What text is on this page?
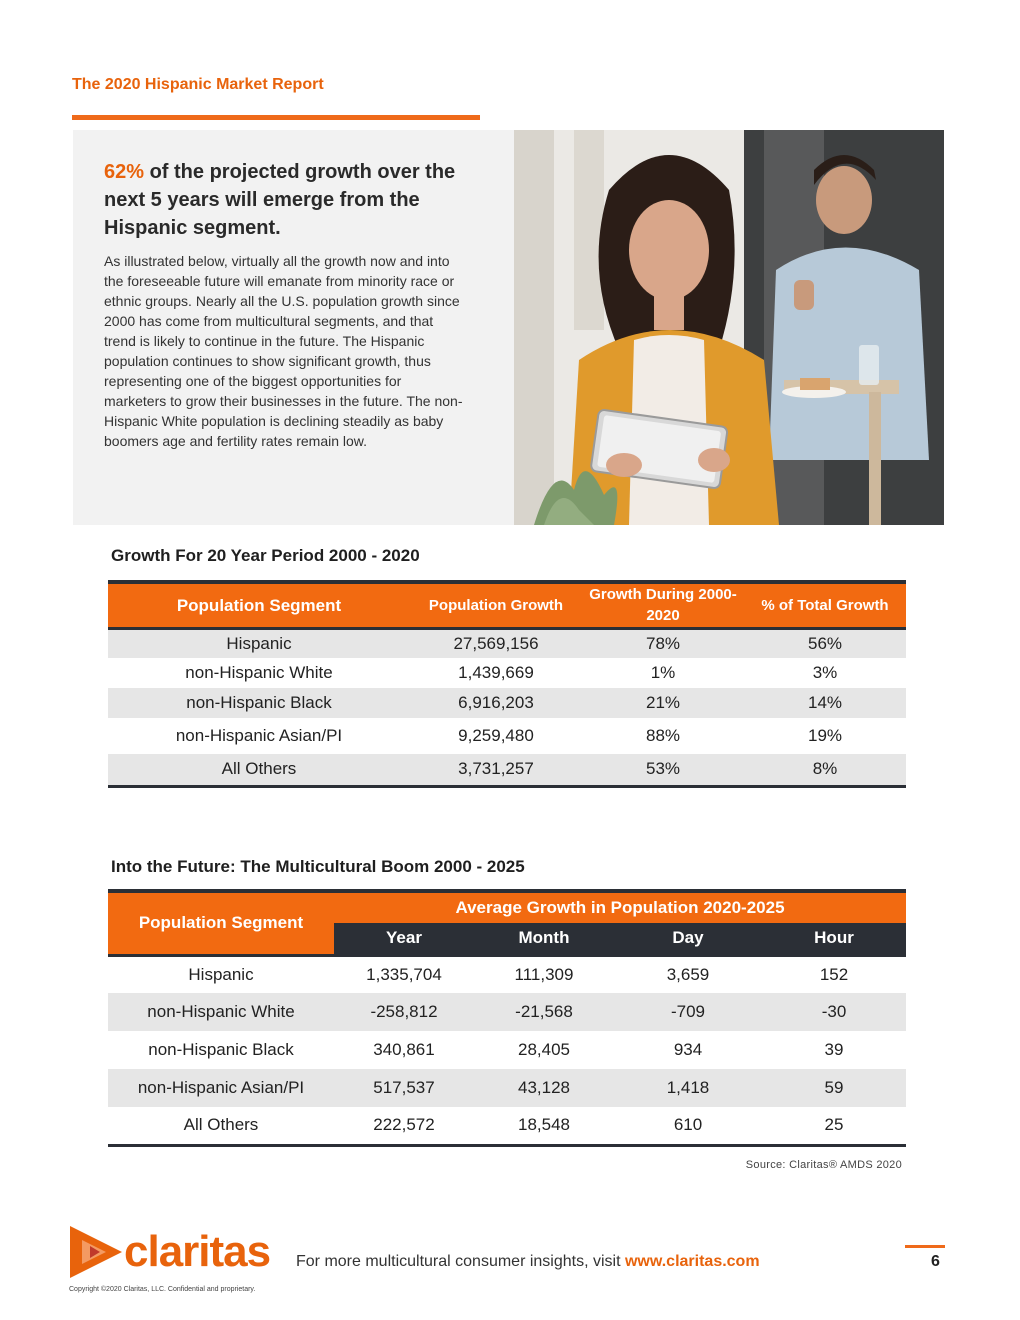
The 2020 Hispanic Market Report
62% of the projected growth over the next 5 years will emerge from the Hispanic segment.
As illustrated below, virtually all the growth now and into the foreseeable future will emanate from minority race or ethnic groups. Nearly all the U.S. population growth since 2000 has come from multicultural segments, and that trend is likely to continue in the future. The Hispanic population continues to show significant growth, thus representing one of the biggest opportunities for marketers to grow their businesses in the future. The non-Hispanic White population is declining steadily as baby boomers age and fertility rates remain low.
Growth For 20 Year Period 2000 - 2020
Population Segment	Population Growth	Growth During 2000-2020	% of Total Growth
Hispanic	27,569,156	78%	56%
non-Hispanic White	1,439,669	1%	3%
non-Hispanic Black	6,916,203	21%	14%
non-Hispanic Asian/PI	9,259,480	88%	19%
All Others	3,731,257	53%	8%
Into the Future: The Multicultural Boom 2000 - 2025
Population Segment	Average Growth in Population 2020-2025			
	Year	Month	Day	Hour
Hispanic	1,335,704	111,309	3,659	152
non-Hispanic White	-258,812	-21,568	-709	-30
non-Hispanic Black	340,861	28,405	934	39
non-Hispanic Asian/PI	517,537	43,128	1,418	59
All Others	222,572	18,548	610	25
Source: Claritas® AMDS 2020
claritas For more multicultural consumer insights, visit www.claritas.com	6
Copyright ©2020 Claritas, LLC. Confidential and proprietary.
